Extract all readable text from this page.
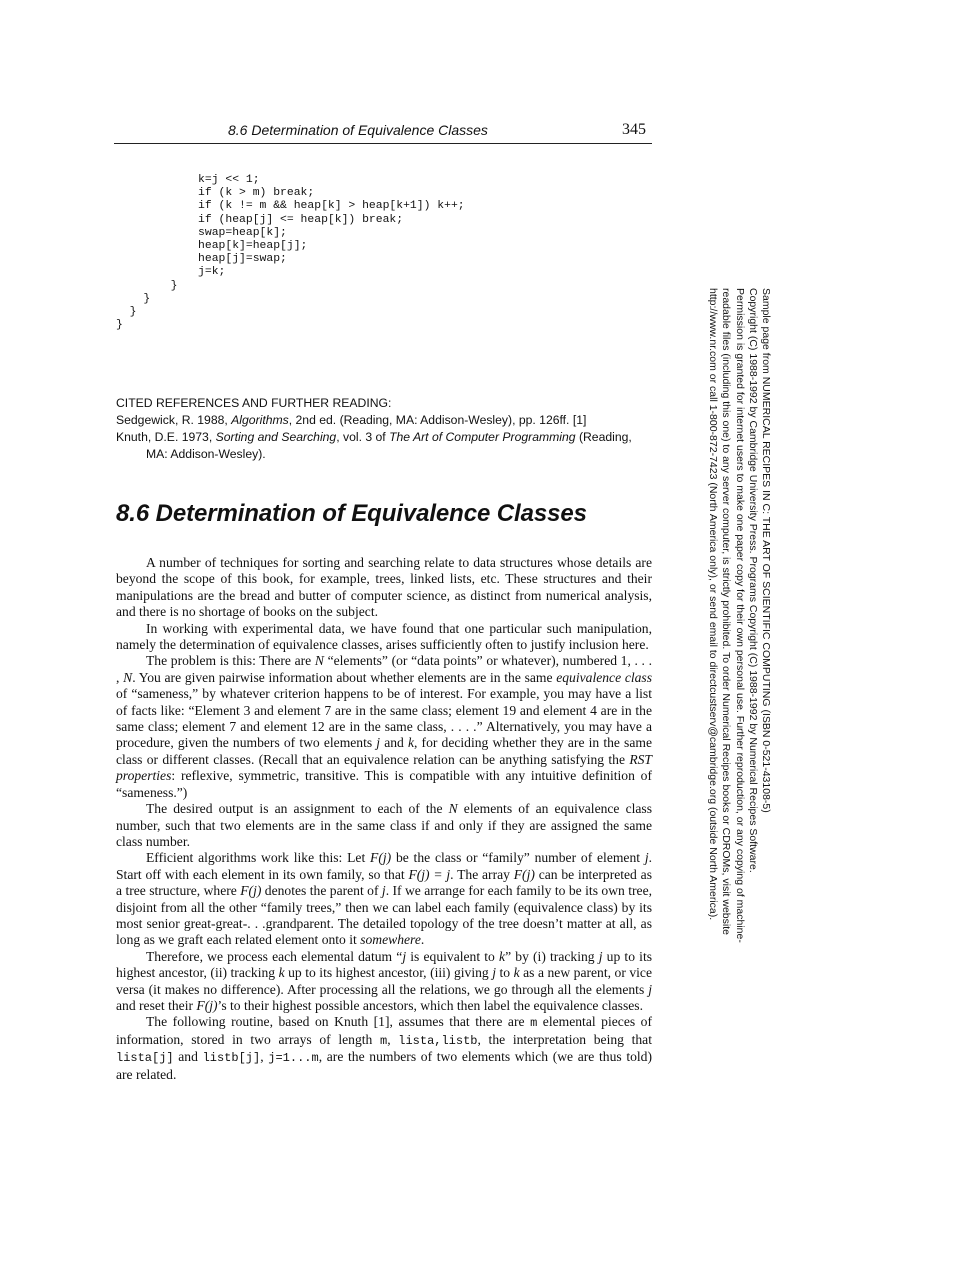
8.6 Determination of Equivalence Classes	345
k=j << 1;
if (k > m) break;
if (k != m && heap[k] > heap[k+1]) k++;
if (heap[j] <= heap[k]) break;
swap=heap[k];
heap[k]=heap[j];
heap[j]=swap;
j=k;
}
}
}
}

CITED REFERENCES AND FURTHER READING:

Sedgewick, R. 1988, Algorithms, 2nd ed. (Reading, MA: Addison-Wesley), pp. 126ff. [1]

Knuth, D.E. 1973, Sorting and Searching, vol. 3 of The Art of Computer Programming (Reading, MA: Addison-Wesley).

8.6 Determination of Equivalence Classes

A number of techniques for sorting and searching relate to data structures whose details are beyond the scope of this book, for example, trees, linked lists, etc. These structures and their manipulations are the bread and butter of computer science, as distinct from numerical analysis, and there is no shortage of books on the subject.

In working with experimental data, we have found that one particular such manipulation, namely the determination of equivalence classes, arises sufficiently often to justify inclusion here.

The problem is this: There are N “elements” (or “data points” or whatever), numbered 1, . . . , N. You are given pairwise information about whether elements are in the same equivalence class of “sameness,” by whatever criterion happens to be of interest. For example, you may have a list of facts like: “Element 3 and element 7 are in the same class; element 19 and element 4 are in the same class; element 7 and element 12 are in the same class, . . . .” Alternatively, you may have a procedure, given the numbers of two elements j and k, for deciding whether they are in the same class or different classes. (Recall that an equivalence relation can be anything satisfying the RST properties: reflexive, symmetric, transitive. This is compatible with any intuitive definition of “sameness.”)

The desired output is an assignment to each of the N elements of an equivalence class number, such that two elements are in the same class if and only if they are assigned the same class number.

Efficient algorithms work like this: Let F(j) be the class or “family” number of element j. Start off with each element in its own family, so that F(j) = j. The array F(j) can be interpreted as a tree structure, where F(j) denotes the parent of j. If we arrange for each family to be its own tree, disjoint from all the other “family trees,” then we can label each family (equivalence class) by its most senior great-great-. . .grandparent. The detailed topology of the tree doesn’t matter at all, as long as we graft each related element onto it somewhere.

Therefore, we process each elemental datum “j is equivalent to k” by (i) tracking j up to its highest ancestor, (ii) tracking k up to its highest ancestor, (iii) giving j to k as a new parent, or vice versa (it makes no difference). After processing all the relations, we go through all the elements j and reset their F(j)’s to their highest possible ancestors, which then label the equivalence classes.

The following routine, based on Knuth [1], assumes that there are m elemental pieces of information, stored in two arrays of length m, lista,listb, the interpretation being that lista[j] and listb[j], j=1...m, are the numbers of two elements which (we are thus told) are related.

Sample page from NUMERICAL RECIPES IN C: THE ART OF SCIENTIFIC COMPUTING (ISBN 0-521-43108-5)
Copyright (C) 1988-1992 by Cambridge University Press. Programs Copyright (C) 1988-1992 by Numerical Recipes Software.
Permission is granted for internet users to make one paper copy for their own personal use. Further reproduction, or any copying of machine-
readable files (including this one) to any server computer, is strictly prohibited. To order Numerical Recipes books or CDROMs, visit website
http://www.nr.com or call 1-800-872-7423 (North America only), or send email to directcustserv@cambridge.org (outside North America).
